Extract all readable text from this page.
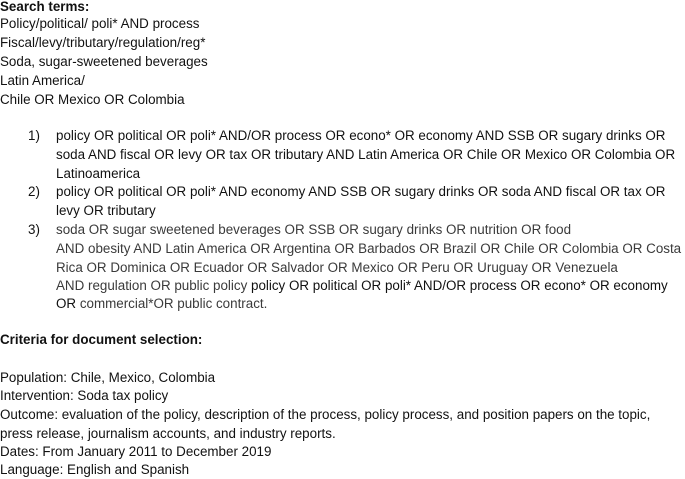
Search terms:
Policy/political/ poli* AND process
Fiscal/levy/tributary/regulation/reg*
Soda, sugar-sweetened beverages
Latin America/
Chile OR Mexico OR Colombia
1) policy OR political OR poli* AND/OR process OR econo* OR economy AND SSB OR sugary drinks OR
soda AND fiscal OR levy OR tax OR tributary AND Latin America OR Chile OR Mexico OR Colombia OR
Latinoamerica
2) policy OR political OR poli* AND economy AND SSB OR sugary drinks OR soda AND fiscal OR tax OR
levy OR tributary
3) soda OR sugar sweetened beverages OR SSB OR sugary drinks OR nutrition OR food
AND obesity AND Latin America OR Argentina OR Barbados OR Brazil OR Chile OR Colombia OR Costa
Rica OR Dominica OR Ecuador OR Salvador OR Mexico OR Peru OR Uruguay OR Venezuela
AND regulation OR public policy policy OR political OR poli* AND/OR process OR econo* OR economy
OR commercial*OR public contract.
Criteria for document selection:
Population: Chile, Mexico, Colombia
Intervention: Soda tax policy
Outcome: evaluation of the policy, description of the process, policy process, and position papers on the topic,
press release, journalism accounts, and industry reports.
Dates: From January 2011 to December 2019
Language: English and Spanish
